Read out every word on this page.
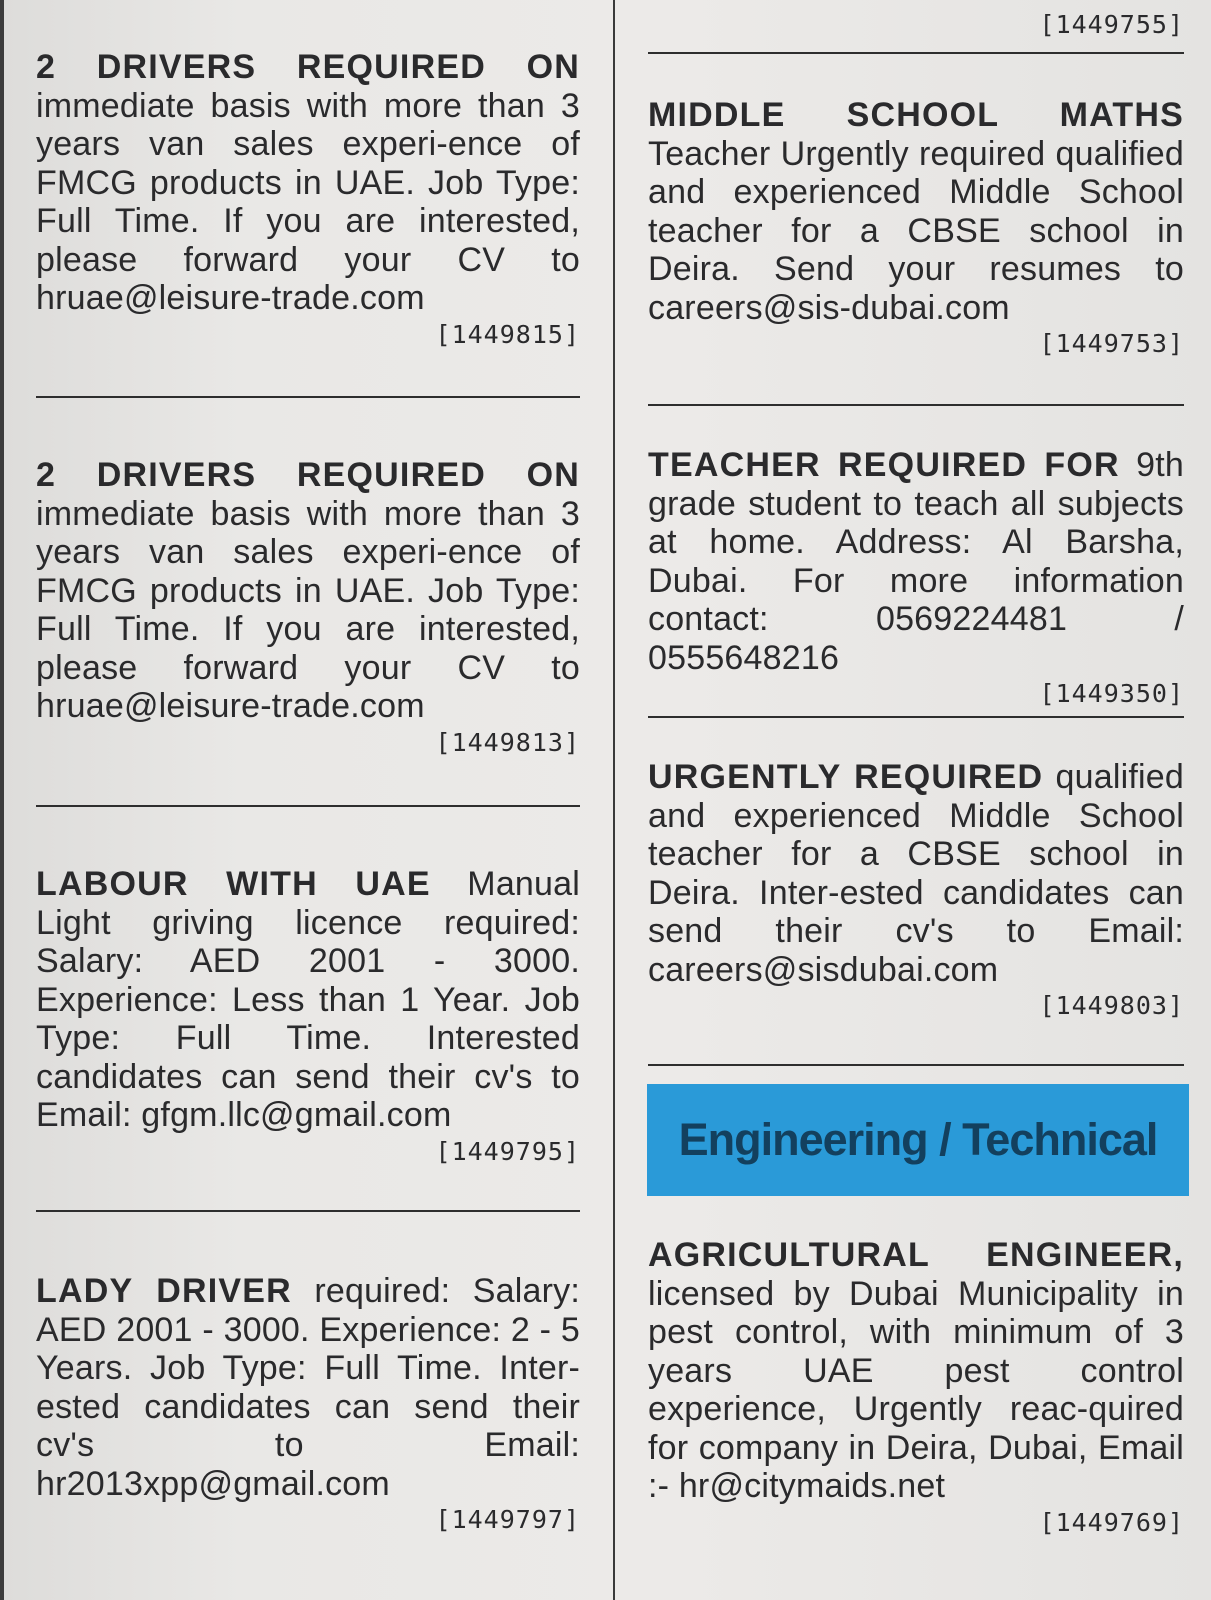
2 DRIVERS REQUIRED ON immediate basis with more than 3 years van sales experi-ence of FMCG products in UAE. Job Type: Full Time. If you are interested, please forward your CV to hruae@leisure-trade.com

[1449815]

2 DRIVERS REQUIRED ON immediate basis with more than 3 years van sales experi-ence of FMCG products in UAE. Job Type: Full Time. If you are interested, please forward your CV to hruae@leisure-trade.com

[1449813]

LABOUR WITH UAE Manual Light griving licence required: Salary: AED 2001 - 3000. Experience: Less than 1 Year. Job Type: Full Time. Interested candidates can send their cv's to Email: gfgm.llc@gmail.com

[1449795]

LADY DRIVER required: Salary: AED 2001 - 3000. Experience: 2 - 5 Years. Job Type: Full Time. Inter-ested candidates can send their cv's to Email: hr2013xpp@gmail.com

[1449797]
[1449755]

MIDDLE SCHOOL MATHS Teacher Urgently required qualified and experienced Middle School teacher for a CBSE school in Deira. Send your resumes to careers@sis-dubai.com

[1449753]

TEACHER REQUIRED FOR 9th grade student to teach all subjects at home. Address: Al Barsha, Dubai. For more information contact: 0569224481 / 0555648216

[1449350]

URGENTLY REQUIRED qualified and experienced Middle School teacher for a CBSE school in Deira. Inter-ested candidates can send their cv's to Email: careers@sisdubai.com

[1449803]
Engineering / Technical

AGRICULTURAL ENGINEER, licensed by Dubai Municipality in pest control, with minimum of 3 years UAE pest control experience, Urgently reac-quired for company in Deira, Dubai, Email :- hr@citymaids.net

[1449769]
